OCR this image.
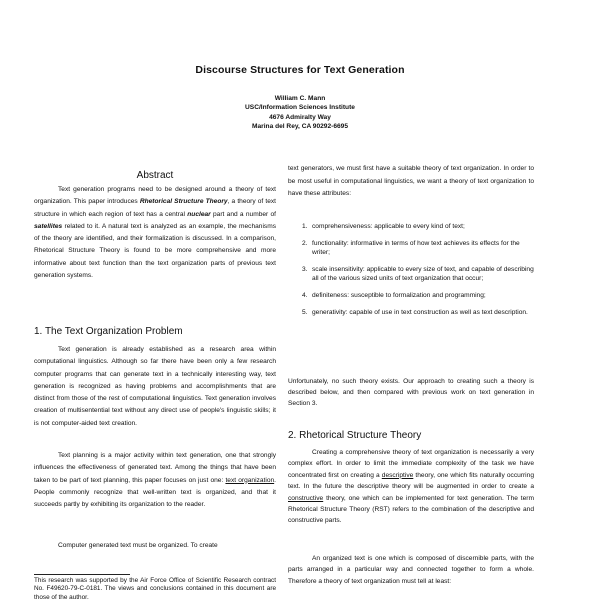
Discourse Structures for Text Generation
William C. Mann
USC/Information Sciences Institute
4676 Admiralty Way
Marina del Rey, CA 90292-6695
Abstract
Text generation programs need to be designed around a theory of text organization. This paper introduces Rhetorical Structure Theory, a theory of text structure in which each region of text has a central nuclear part and a number of satellites related to it. A natural text is analyzed as an example, the mechanisms of the theory are identified, and their formalization is discussed. In a comparison, Rhetorical Structure Theory is found to be more comprehensive and more informative about text function than the text organization parts of previous text generation systems.
1. The Text Organization Problem
Text generation is already established as a research area within computational linguistics. Although so far there have been only a few research computer programs that can generate text in a technically interesting way, text generation is recognized as having problems and accomplishments that are distinct from those of the rest of computational linguistics. Text generation involves creation of multisentential text without any direct use of people's linguistic skills; it is not computer-aided text creation.
Text planning is a major activity within text generation, one that strongly influences the effectiveness of generated text. Among the things that have been taken to be part of text planning, this paper focuses on just one: text organization. People commonly recognize that well-written text is organized, and that it succeeds partly by exhibiting its organization to the reader.
Computer generated text must be organized. To create
This research was supported by the Air Force Office of Scientific Research contract No. F49620-79-C-0181. The views and conclusions contained in this document are those of the author.
text generators, we must first have a suitable theory of text organization. In order to be most useful in computational linguistics, we want a theory of text organization to have these attributes:
1. comprehensiveness: applicable to every kind of text;
2. functionality: informative in terms of how text achieves its effects for the writer;
3. scale insensitivity: applicable to every size of text, and capable of describing all of the various sized units of text organization that occur;
4. definiteness: susceptible to formalization and programming;
5. generativity: capable of use in text construction as well as text description.
Unfortunately, no such theory exists. Our approach to creating such a theory is described below, and then compared with previous work on text generation in Section 3.
2. Rhetorical Structure Theory
Creating a comprehensive theory of text organization is necessarily a very complex effort. In order to limit the immediate complexity of the task we have concentrated first on creating a descriptive theory, one which fits naturally occurring text. In the future the descriptive theory will be augmented in order to create a constructive theory, one which can be implemented for text generation. The term Rhetorical Structure Theory (RST) refers to the combination of the descriptive and constructive parts.
An organized text is one which is composed of discernible parts, with the parts arranged in a particular way and connected together to form a whole. Therefore a theory of text organization must tell at least:
